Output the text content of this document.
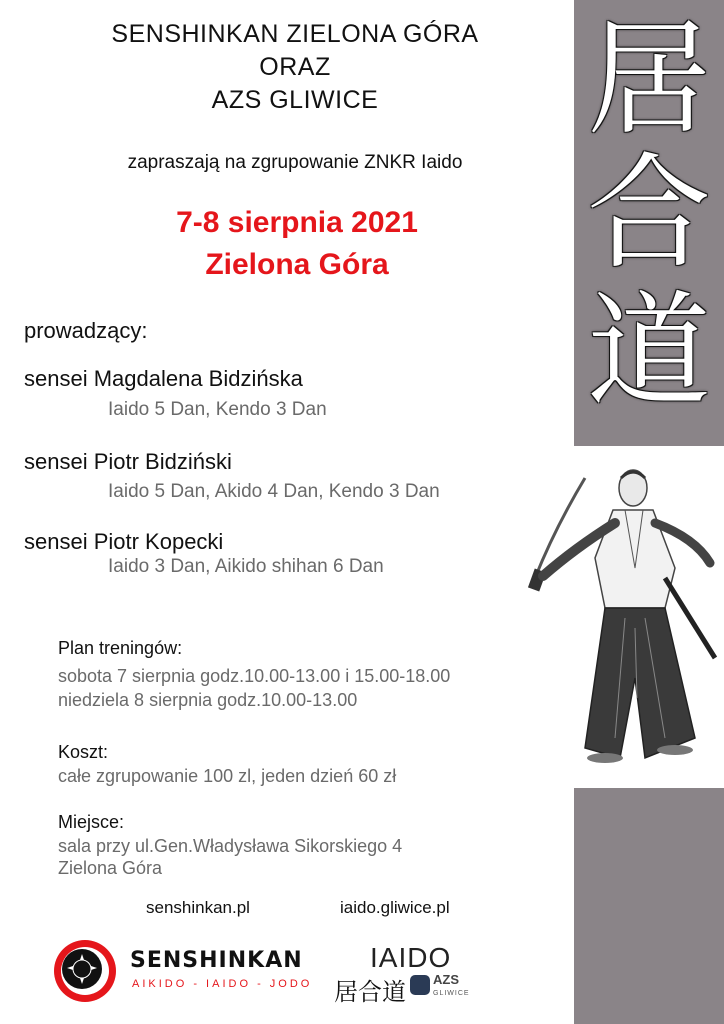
居
合
道
SENSHINKAN ZIELONA GÓRA
ORAZ
AZS GLIWICE
zapraszają na zgrupowanie ZNKR Iaido
7-8 sierpnia 2021
Zielona Góra
prowadzący:
sensei Magdalena Bidzińska
Iaido 5 Dan, Kendo 3 Dan
sensei Piotr Bidziński
Iaido 5 Dan, Akido 4 Dan, Kendo 3 Dan
sensei Piotr Kopecki
Iaido 3 Dan, Aikido shihan 6 Dan
Plan treningów:
sobota 7 sierpnia godz.10.00-13.00 i 15.00-18.00
niedziela 8 sierpnia godz.10.00-13.00
Koszt:
całe zgrupowanie 100 zl, jeden dzień 60 zł
Miejsce:
sala przy ul.Gen.Władysława Sikorskiego 4
Zielona Góra
senshinkan.pl	iaido.gliwice.pl
SENSHINKAN
AIKIDO - IAIDO - JODO
IAIDO
居合道 AZS
GLIWICE
